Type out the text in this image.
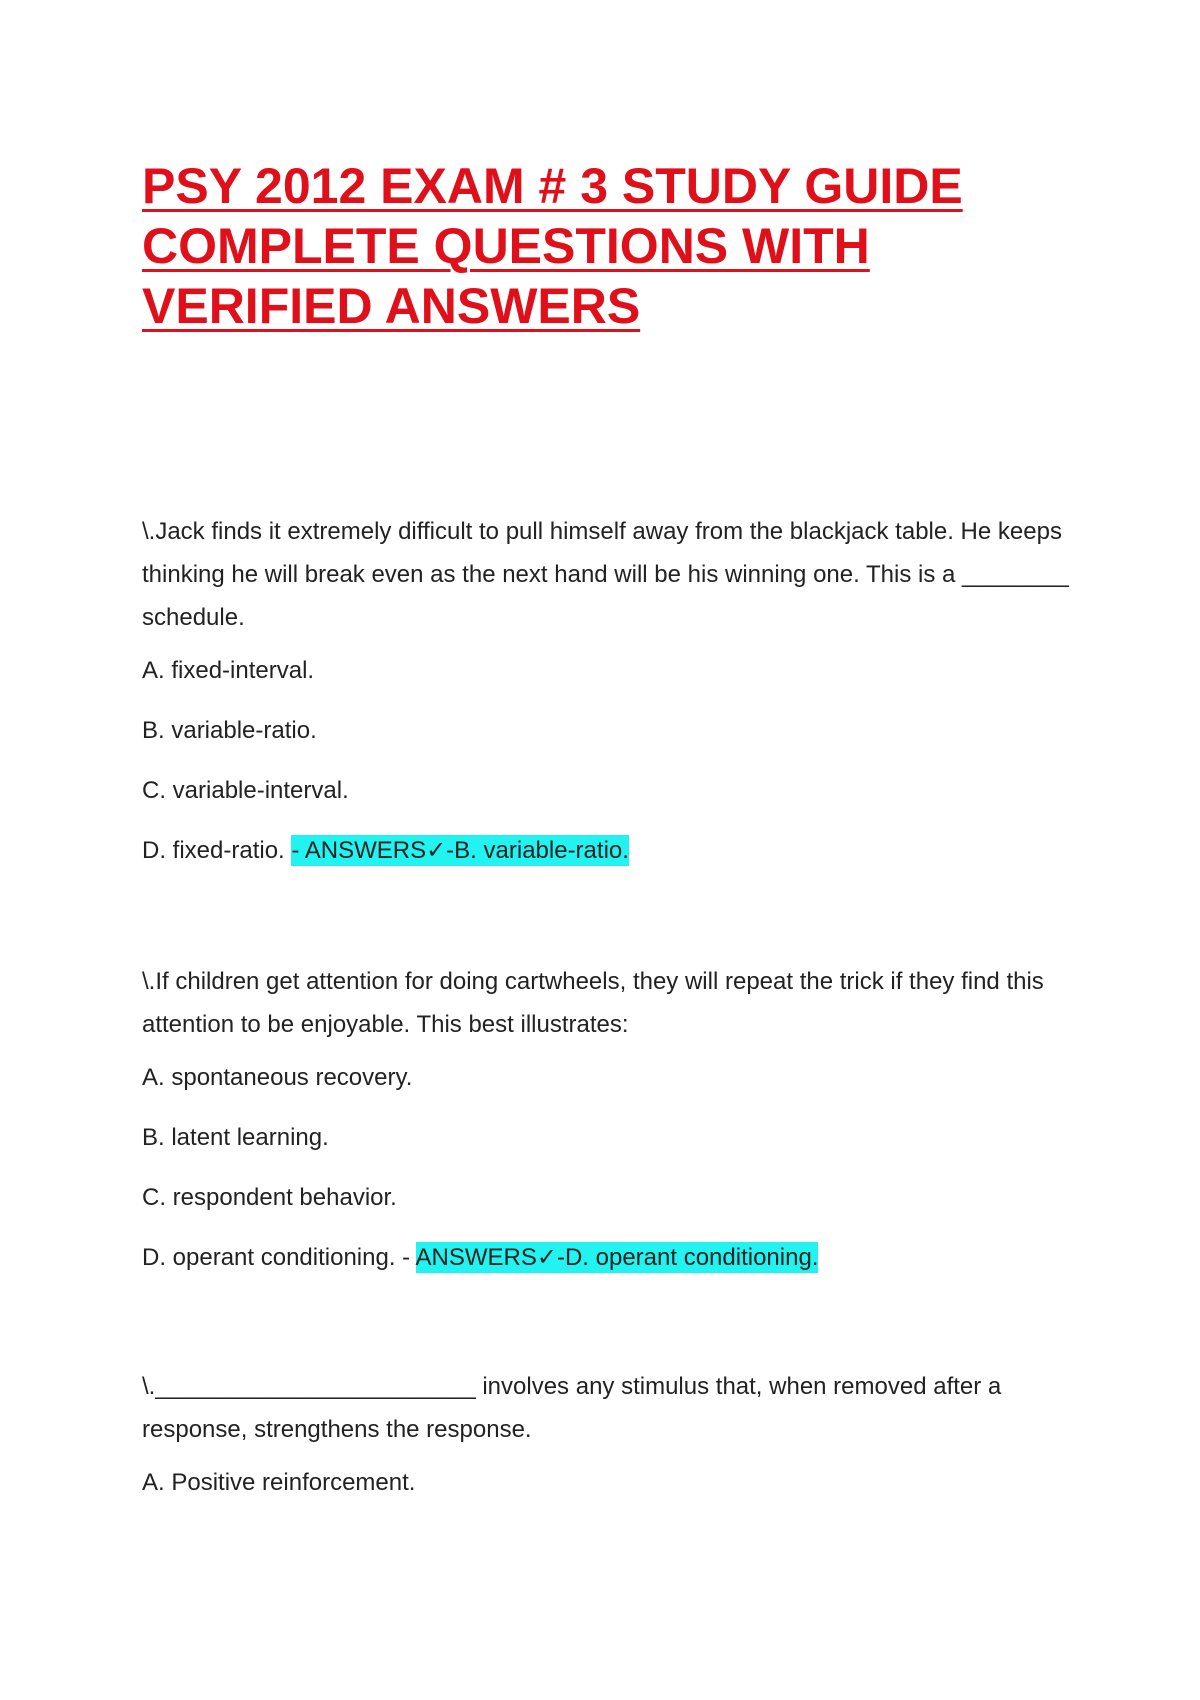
PSY 2012 EXAM # 3 STUDY GUIDE
COMPLETE QUESTIONS WITH
VERIFIED ANSWERS

\.Jack finds it extremely difficult to pull himself away from the blackjack table. He keeps thinking he will break even as the next hand will be his winning one. This is a ________ schedule.

A. fixed-interval.

B. variable-ratio.

C. variable-interval.

D. fixed-ratio. - ANSWERS✓-B. variable-ratio.

\.If children get attention for doing cartwheels, they will repeat the trick if they find this attention to be enjoyable. This best illustrates:

A. spontaneous recovery.

B. latent learning.

C. respondent behavior.

D. operant conditioning. - ANSWERS✓-D. operant conditioning.

\.________________________ involves any stimulus that, when removed after a response, strengthens the response.

A. Positive reinforcement.
